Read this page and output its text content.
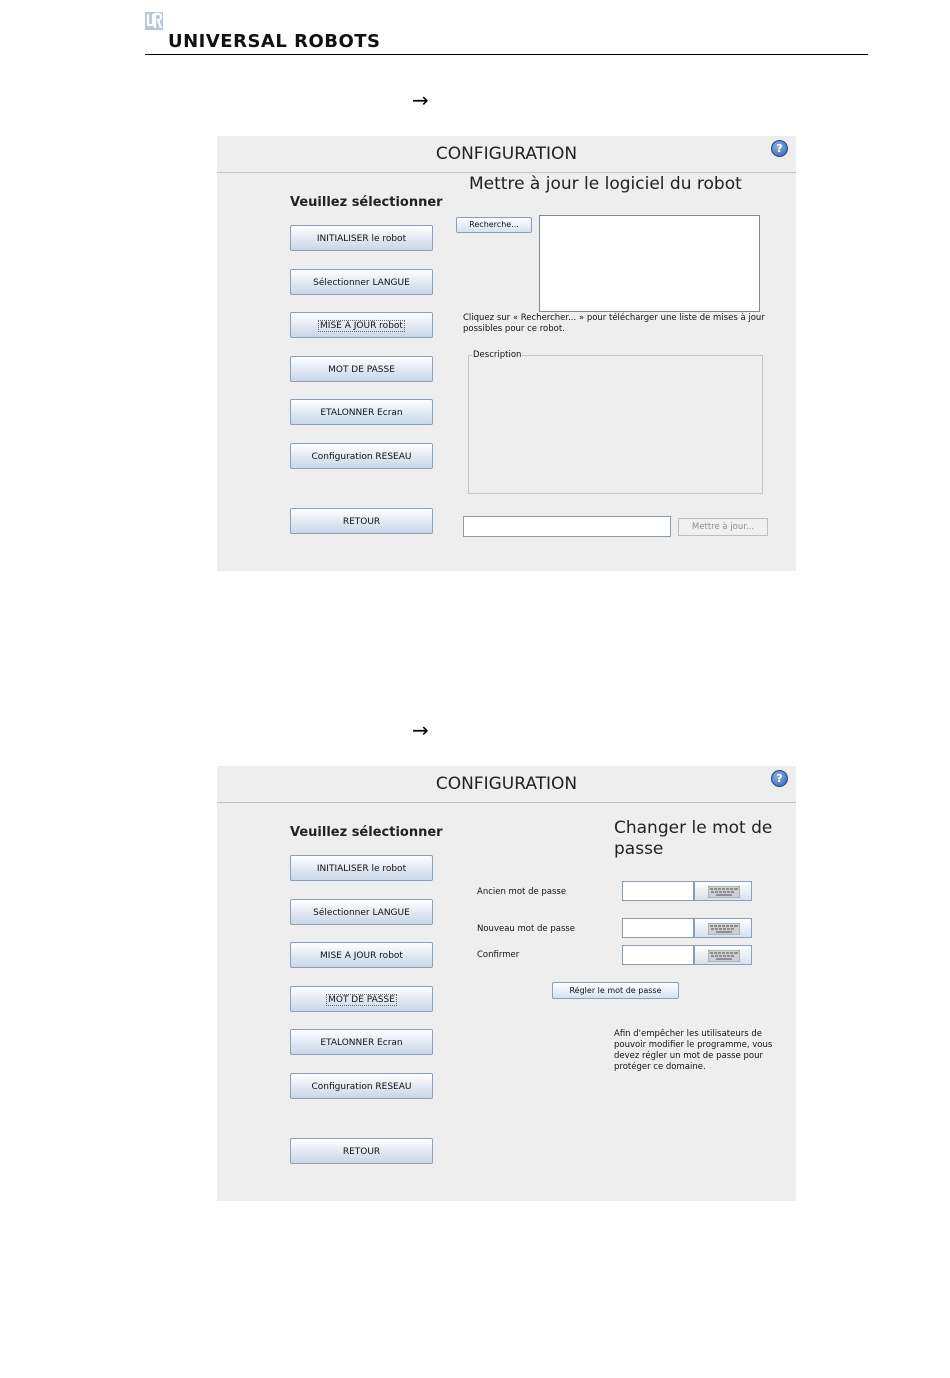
UNIVERSAL ROBOTS
→
CONFIGURATION	?
Veuillez sélectionner
INITIALISER le robot
Sélectionner LANGUE
MISE A JOUR robot
MOT DE PASSE
ETALONNER Ecran
Configuration RESEAU
RETOUR
Mettre à jour le logiciel du robot
Recherche...
Cliquez sur « Rechercher... » pour télécharger une liste de mises à jour possibles pour ce robot.
Description
Mettre à jour...
→
CONFIGURATION	?
Veuillez sélectionner
INITIALISER le robot
Sélectionner LANGUE
MISE A JOUR robot
MOT DE PASSE
ETALONNER Ecran
Configuration RESEAU
RETOUR
Changer le mot de passe
Ancien mot de passe
Nouveau mot de passe
Confirmer
Régler le mot de passe
Afin d'empêcher les utilisateurs de pouvoir modifier le programme, vous devez régler un mot de passe pour protéger ce domaine.
